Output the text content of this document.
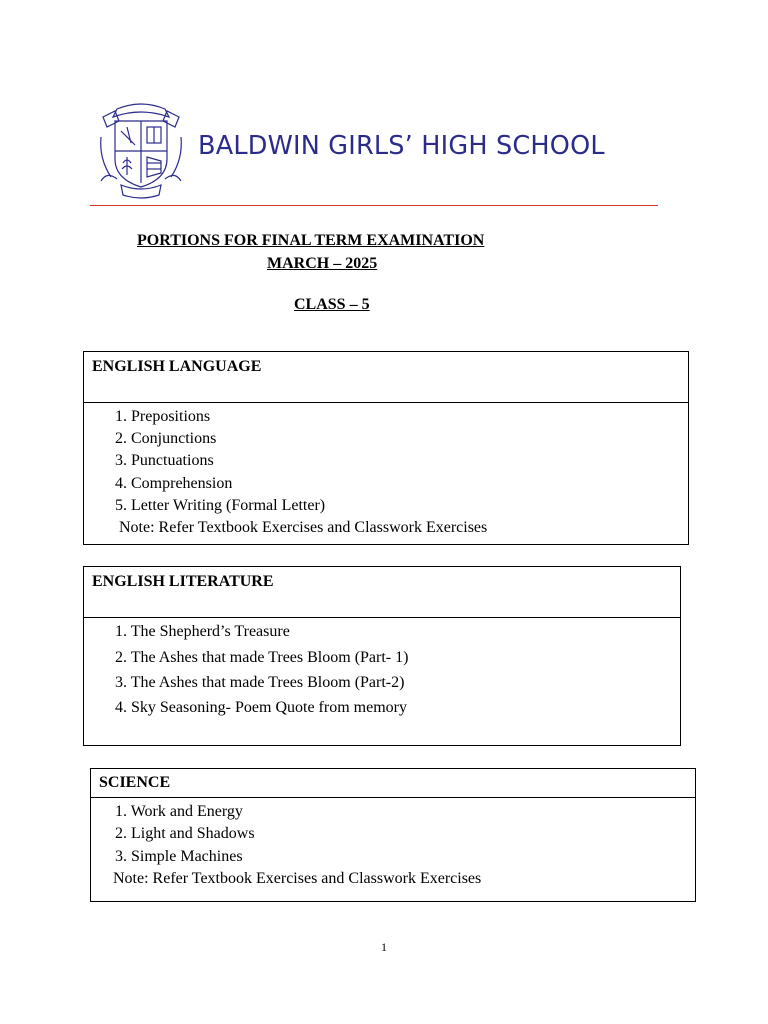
BALDWIN GIRLS’ HIGH SCHOOL
PORTIONS FOR FINAL TERM EXAMINATION
MARCH – 2025
CLASS – 5
ENGLISH LANGUAGE
1. Prepositions
2. Conjunctions
3. Punctuations
4. Comprehension
5. Letter Writing (Formal Letter)
Note: Refer Textbook Exercises and Classwork Exercises
ENGLISH LITERATURE
1. The Shepherd’s Treasure
2. The Ashes that made Trees Bloom (Part- 1)
3. The Ashes that made Trees Bloom (Part-2)
4. Sky Seasoning- Poem Quote from memory
SCIENCE
1. Work and Energy
2. Light and Shadows
3. Simple Machines
Note: Refer Textbook Exercises and Classwork Exercises
1
